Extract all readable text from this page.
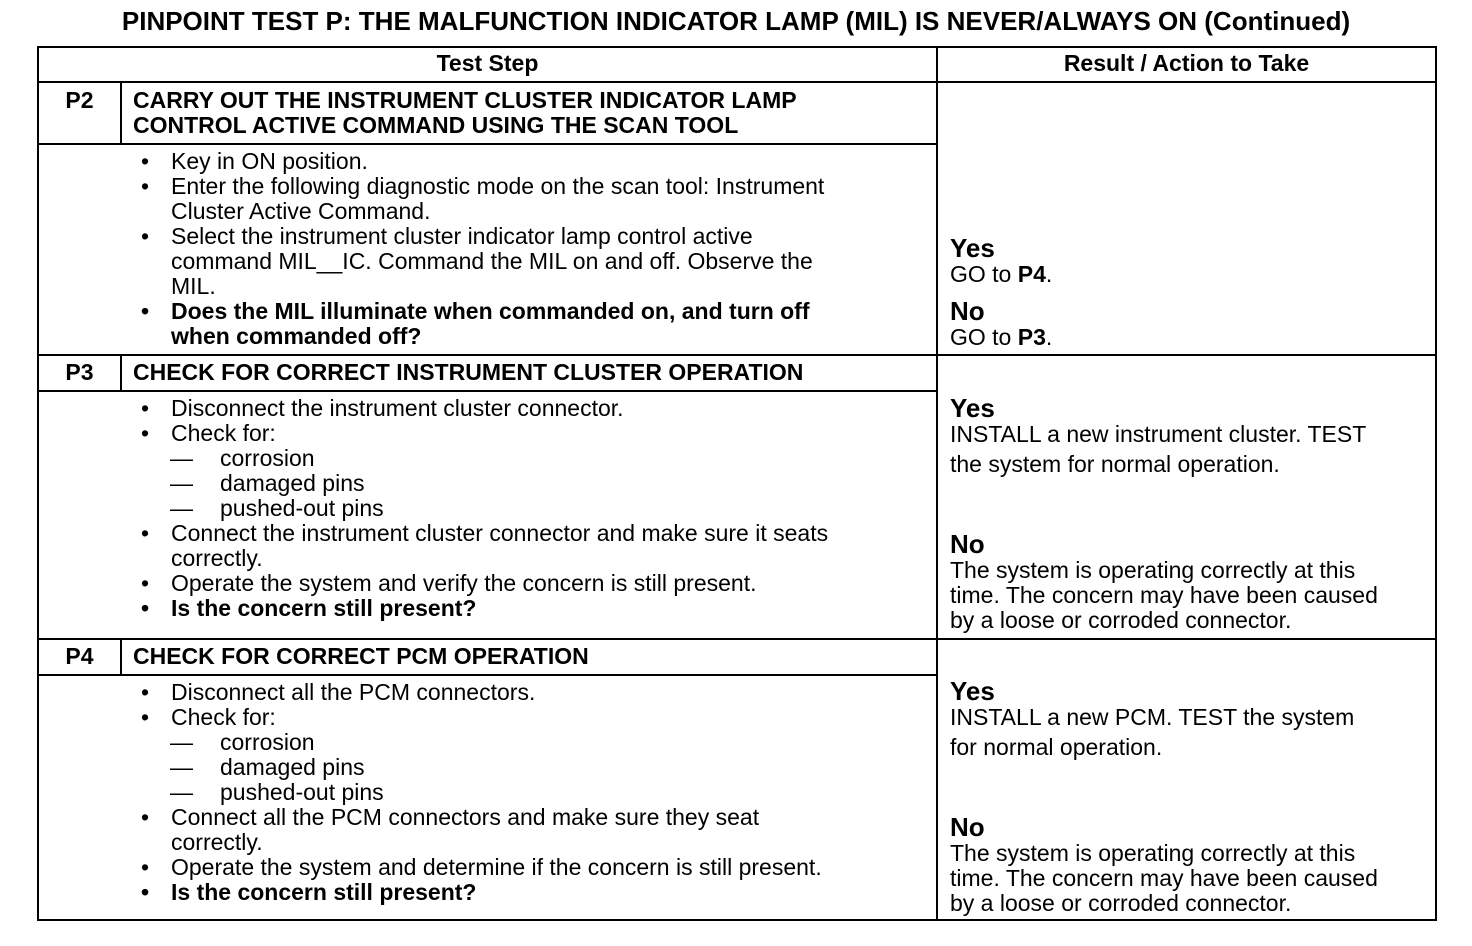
PINPOINT TEST P: THE MALFUNCTION INDICATOR LAMP (MIL) IS NEVER/ALWAYS ON (Continued)
Test Step	Result / Action to Take
P2	CARRY OUT THE INSTRUMENT CLUSTER INDICATOR LAMP
CONTROL ACTIVE COMMAND USING THE SCAN TOOL
• Key in ON position.
• Enter the following diagnostic mode on the scan tool: Instrument
Cluster Active Command.
• Select the instrument cluster indicator lamp control active
command MIL__IC. Command the MIL on and off. Observe the
MIL.
• Does the MIL illuminate when commanded on, and turn off
when commanded off?
Yes
GO to P4.
No
GO to P3.
P3	CHECK FOR CORRECT INSTRUMENT CLUSTER OPERATION
• Disconnect the instrument cluster connector.
• Check for:
—	corrosion
—	damaged pins
—	pushed-out pins
• Connect the instrument cluster connector and make sure it seats
correctly.
• Operate the system and verify the concern is still present.
• Is the concern still present?
Yes
INSTALL a new instrument cluster. TEST
the system for normal operation.
No
The system is operating correctly at this
time. The concern may have been caused
by a loose or corroded connector.
P4	CHECK FOR CORRECT PCM OPERATION
• Disconnect all the PCM connectors.
• Check for:
—	corrosion
—	damaged pins
—	pushed-out pins
• Connect all the PCM connectors and make sure they seat
correctly.
• Operate the system and determine if the concern is still present.
• Is the concern still present?
Yes
INSTALL a new PCM. TEST the system
for normal operation.
No
The system is operating correctly at this
time. The concern may have been caused
by a loose or corroded connector.
